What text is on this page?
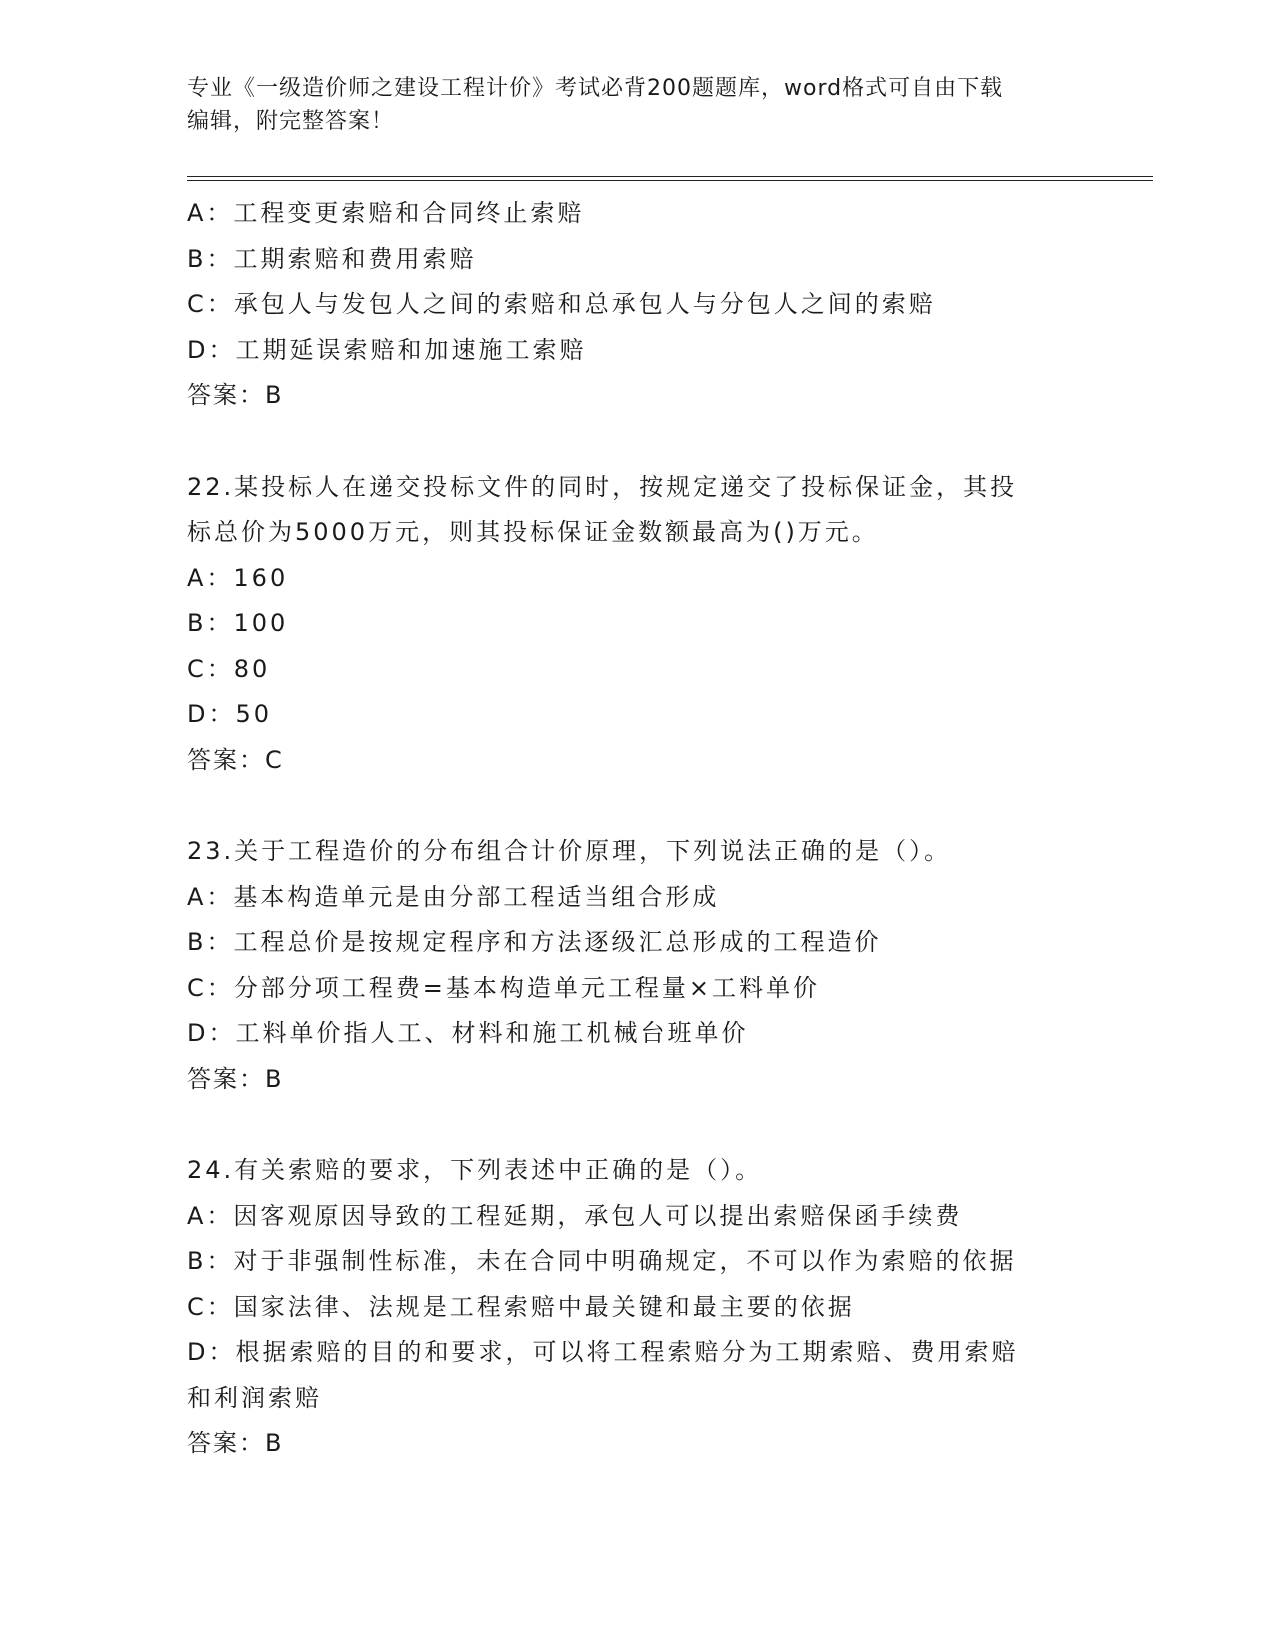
专业《一级造价师之建设工程计价》考试必背200题题库，word格式可自由下载

编辑，附完整答案！

A：工程变更索赔和合同终止索赔

B：工期索赔和费用索赔

C：承包人与发包人之间的索赔和总承包人与分包人之间的索赔

D：工期延误索赔和加速施工索赔

答案：B

22.某投标人在递交投标文件的同时，按规定递交了投标保证金，其投

标总价为5000万元，则其投标保证金数额最高为()万元。

A：160

B：100

C：80

D：50

答案：C

23.关于工程造价的分布组合计价原理，下列说法正确的是（）。

A：基本构造单元是由分部工程适当组合形成

B：工程总价是按规定程序和方法逐级汇总形成的工程造价

C：分部分项工程费=基本构造单元工程量×工料单价

D：工料单价指人工、材料和施工机械台班单价

答案：B

24.有关索赔的要求，下列表述中正确的是（）。

A：因客观原因导致的工程延期，承包人可以提出索赔保函手续费

B：对于非强制性标准，未在合同中明确规定，不可以作为索赔的依据

C：国家法律、法规是工程索赔中最关键和最主要的依据

D：根据索赔的目的和要求，可以将工程索赔分为工期索赔、费用索赔

和利润索赔

答案：B
